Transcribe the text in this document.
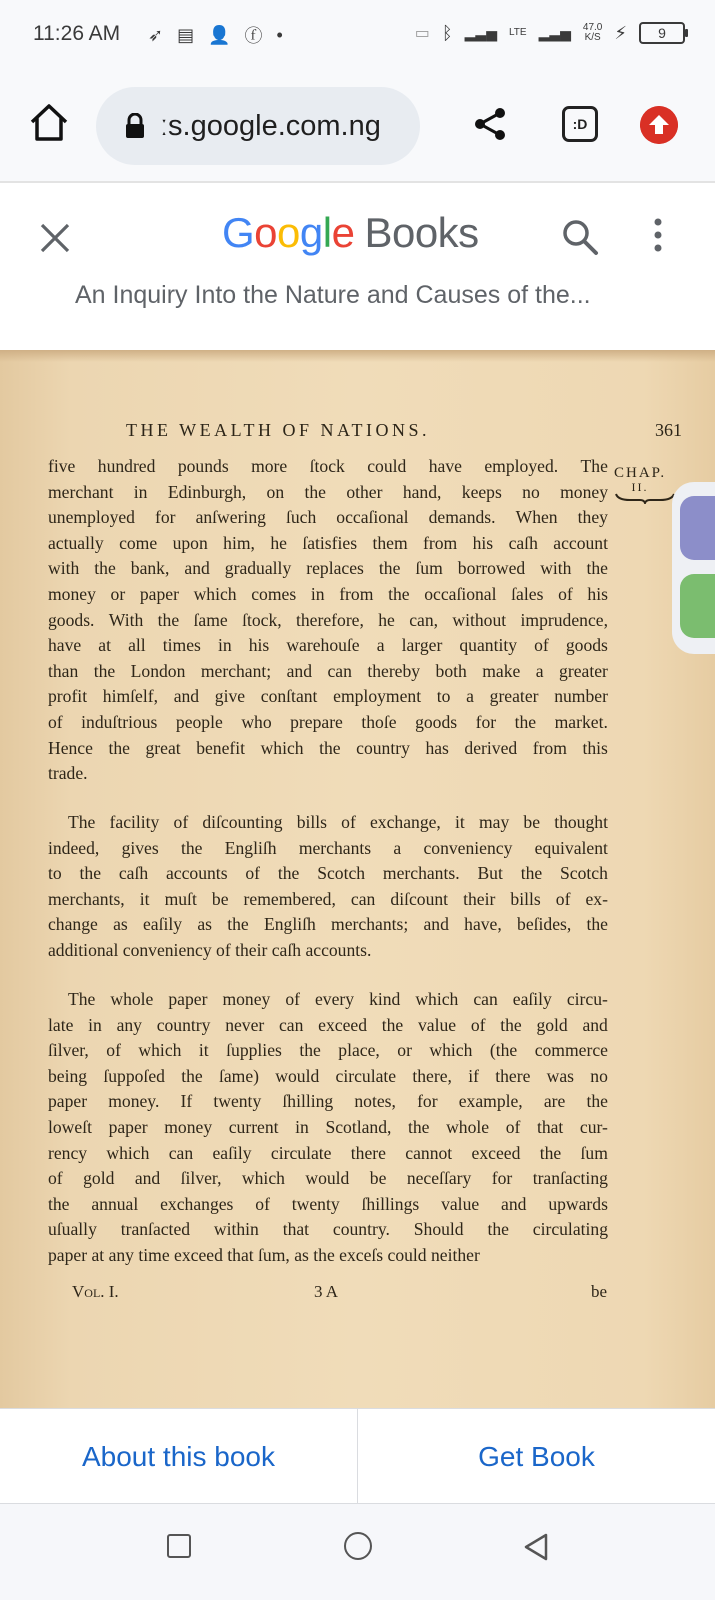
11:26 AM ➶ ▤ 👤 ⓕ •	▭ ᛒ ▂▃▅ LTE ▂▃▅ 47.0
K/S ⚡	9
ːs.google.com.ng	:D
Google Books
An Inquiry Into the Nature and Causes of the...
THE WEALTH OF NATIONS.	361
CHAP.
II.
five hundred pounds more ſtock could have employed. The
merchant in Edinburgh, on the other hand, keeps no money
unemployed for anſwering ſuch occaſional demands. When they
actually come upon him, he ſatisfies them from his caſh account
with the bank, and gradually replaces the ſum borrowed with the
money or paper which comes in from the occaſional ſales of his
goods. With the ſame ſtock, therefore, he can, without imprudence,
have at all times in his warehouſe a larger quantity of goods
than the London merchant; and can thereby both make a greater
profit himſelf, and give conſtant employment to a greater number
of induſtrious people who prepare thoſe goods for the market.
Hence the great benefit which the country has derived from this
trade.
The facility of diſcounting bills of exchange, it may be thought
indeed, gives the Engliſh merchants a conveniency equivalent
to the caſh accounts of the Scotch merchants. But the Scotch
merchants, it muſt be remembered, can diſcount their bills of ex-
change as eaſily as the Engliſh merchants; and have, beſides, the
additional conveniency of their caſh accounts.
The whole paper money of every kind which can eaſily circu-
late in any country never can exceed the value of the gold and
ſilver, of which it ſupplies the place, or which (the commerce
being ſuppoſed the ſame) would circulate there, if there was no
paper money. If twenty ſhilling notes, for example, are the
loweſt paper money current in Scotland, the whole of that cur-
rency which can eaſily circulate there cannot exceed the ſum
of gold and ſilver, which would be neceſſary for tranſacting
the annual exchanges of twenty ſhillings value and upwards
uſually tranſacted within that country. Should the circulating
paper at any time exceed that ſum, as the exceſs could neither
Vol. I.	3 A	be
About this book	Get Book
